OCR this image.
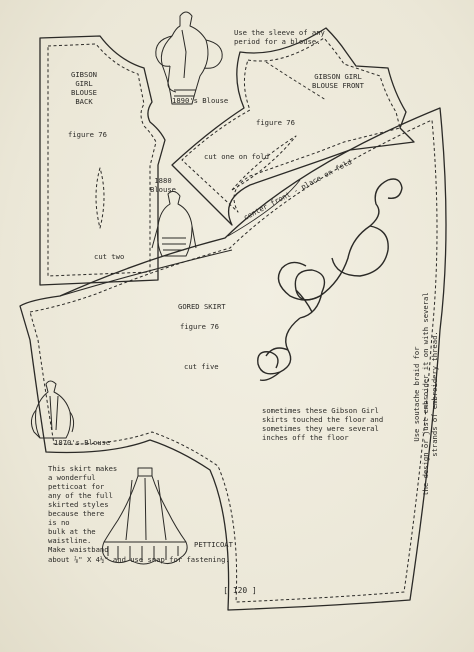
Use the sleeve of any
period for a blouse.
GIBSON
GIRL
BLOUSE
BACK
figure 76
cut two
GIBSON GIRL
BLOUSE FRONT
figure 76
cut one on fold
center front - place on fold
1890's Blouse
1880
Blouse
1870's Blouse
PETTICOAT
GORED SKIRT
figure 76
cut five
sometimes these Gibson Girl
skirts touched the floor and
sometimes they were several
inches off the floor
This skirt makes
a wonderful
petticoat for
any of the full
skirted styles
because there
is no
bulk at the
waistline.
Make waistband
about ⅞" X 4½" and use snap for fastening.
Use soutache braid for
the design or just embroider it on with several
strands of embroidery thread.
[ 120 ]
